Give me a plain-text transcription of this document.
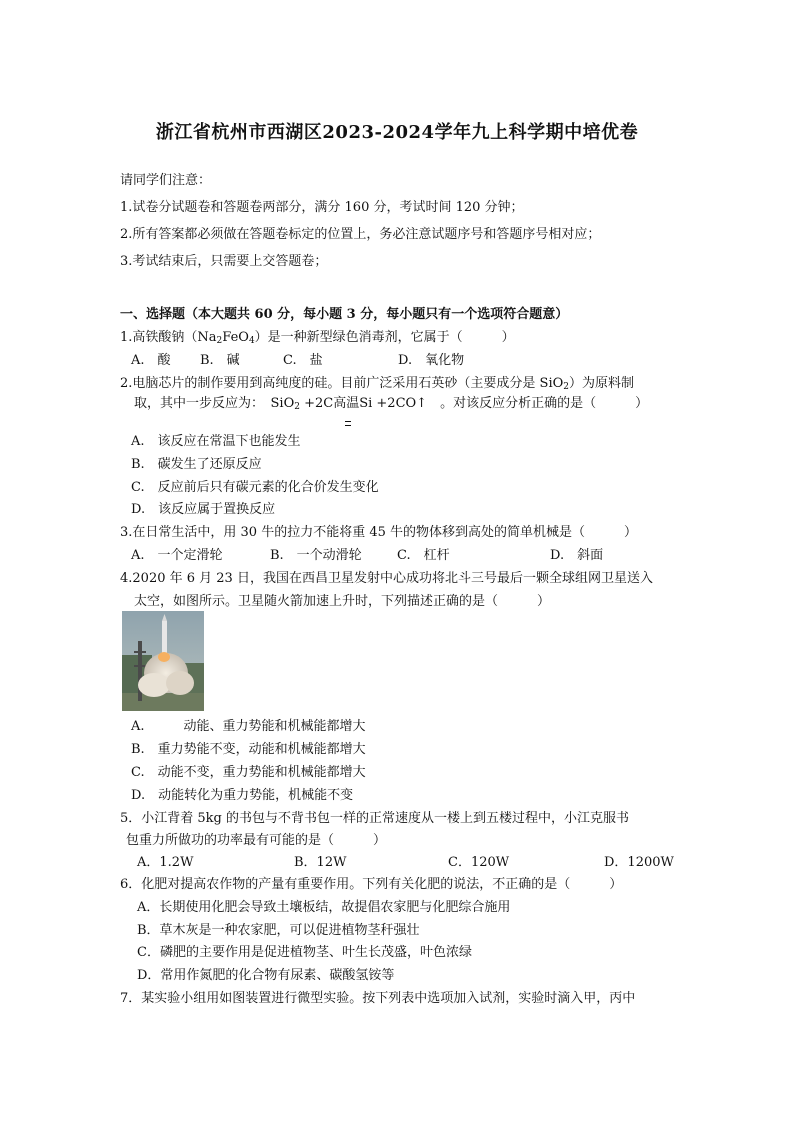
浙江省杭州市西湖区2023-2024学年九上科学期中培优卷
请同学们注意：
1.试卷分试题卷和答题卷两部分，满分 160 分，考试时间 120 分钟；
2.所有答案都必须做在答题卷标定的位置上，务必注意试题序号和答题序号相对应；
3.考试结束后，只需要上交答题卷；
一、选择题（本大题共 60 分，每小题 3 分，每小题只有一个选项符合题意）
1.高铁酸钠$(Na_2FeO_4)$是一种新型绿色消毒剂，它属于（　　　）
A.　酸 B.　碱	C.　盐	D.　氧化物
2.电脑芯片的制作要用到高纯度的硅。目前广泛采用石英砂（主要成分是 SiO$_2$）为原料制
取，其中一步反应为：　SiO$_2$ +2C高温Si +2CO↑　。对该反应分析正确的是（　　　）
A.　该反应在常温下也能发生
B.　碳发生了还原反应
C.　反应前后只有碳元素的化合价发生变化
D.　该反应属于置换反应
3.在日常生活中，用 30 牛的拉力不能将重 45 牛的物体移到高处的简单机械是（　　　）
A.　一个定滑轮	B.　一个动滑轮	C.　杠杆	D.　斜面
4.2020 年 6 月 23 日，我国在西昌卫星发射中心成功将北斗三号最后一颗全球组网卫星送入
太空，如图所示。卫星随火箭加速上升时，下列描述正确的是（　　　）
A.　　　动能、重力势能和机械能都增大
B.　重力势能不变，动能和机械能都增大
C.　动能不变，重力势能和机械能都增大
D.　动能转化为重力势能，机械能不变
5．小江背着 5kg 的书包与不背书包一样的正常速度从一楼上到五楼过程中，小江克服书
包重力所做功的功率最有可能的是（　　　）
A．1.2W	B．12W	C．120W	D．1200W
6．化肥对提高农作物的产量有重要作用。下列有关化肥的说法，不正确的是（　　　）
A．长期使用化肥会导致土壤板结，故提倡农家肥与化肥综合施用
B．草木灰是一种农家肥，可以促进植物茎秆强壮
C．磷肥的主要作用是促进植物茎、叶生长茂盛，叶色浓绿
D．常用作氮肥的化合物有尿素、碳酸氢铵等
7．某实验小组用如图装置进行微型实验。按下列表中选项加入试剂，实验时滴入甲，丙中
